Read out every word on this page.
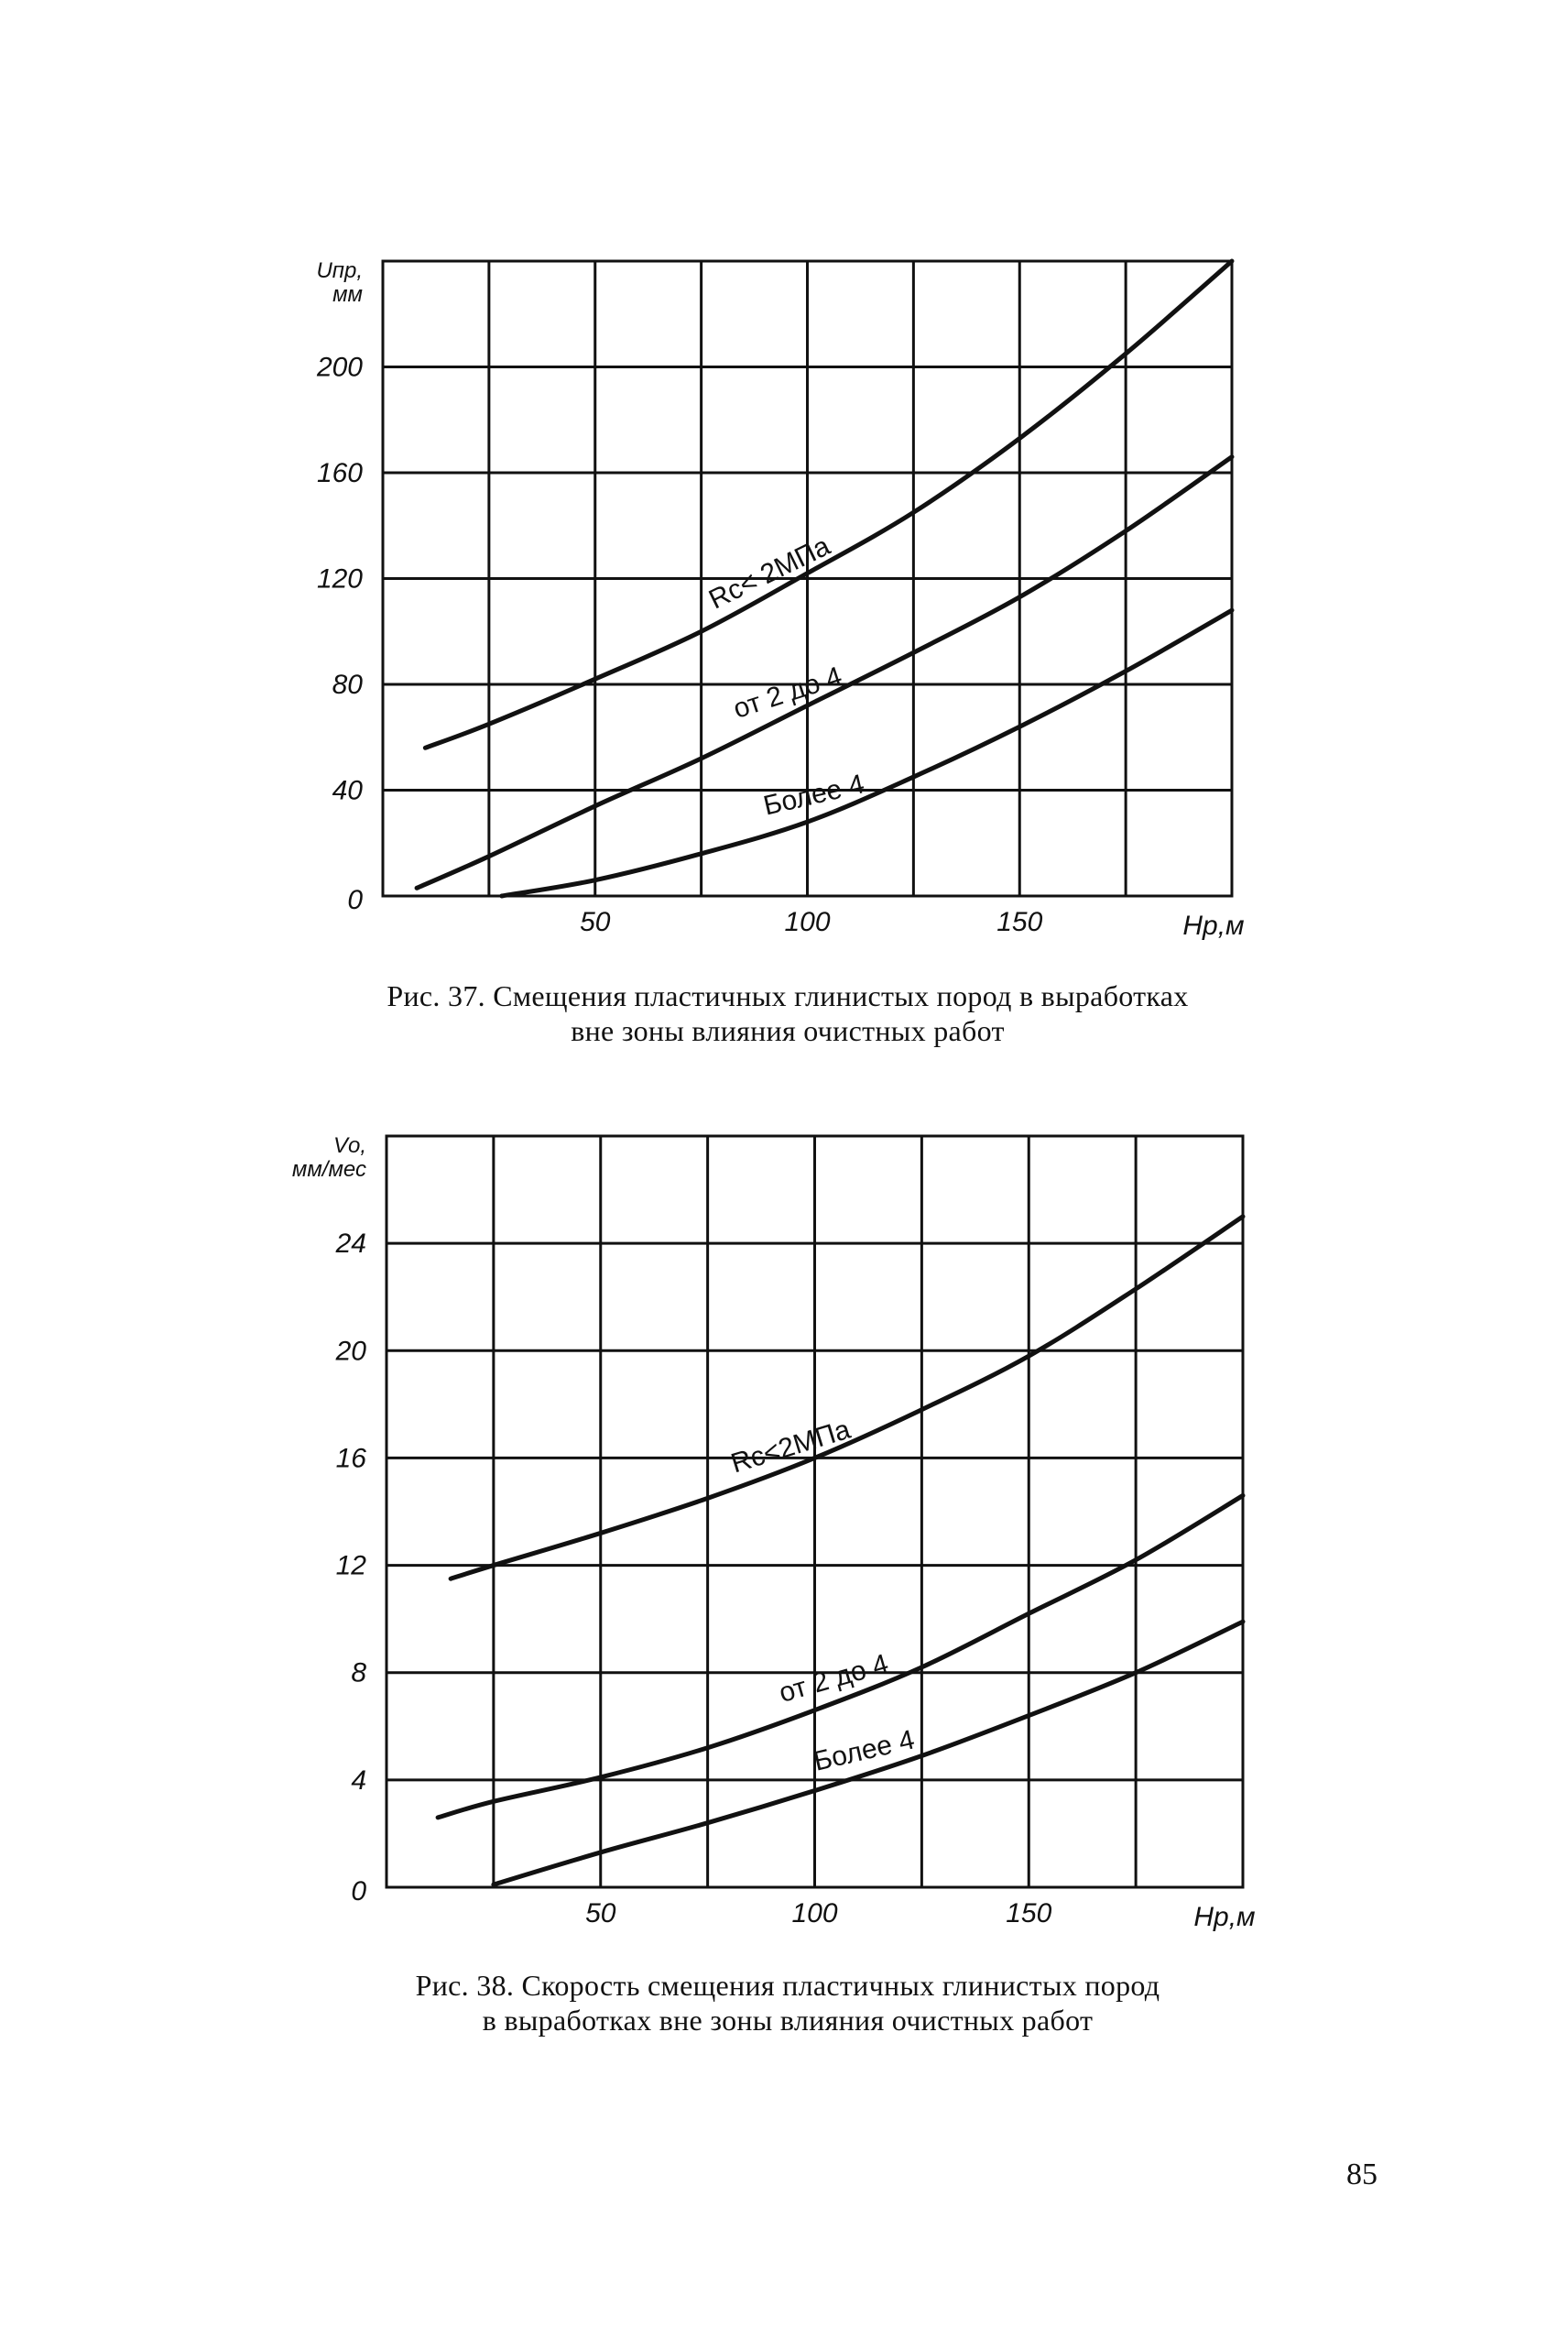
0
40
80
120
160
200
50	100	150	Hр,м
Uпр,
мм
Rc< 2МПа
от 2 до 4
Более 4
Рис. 37. Смещения пластичных глинистых пород в выработках
вне зоны влияния очистных работ
0
4
8
12
16
20
24
50	100	150	Hр,м
Vо,
мм/мес
Rc<2МПа
от 2 до 4
Более 4
Рис. 38. Скорость смещения пластичных глинистых пород
в выработках вне зоны влияния очистных работ
85
